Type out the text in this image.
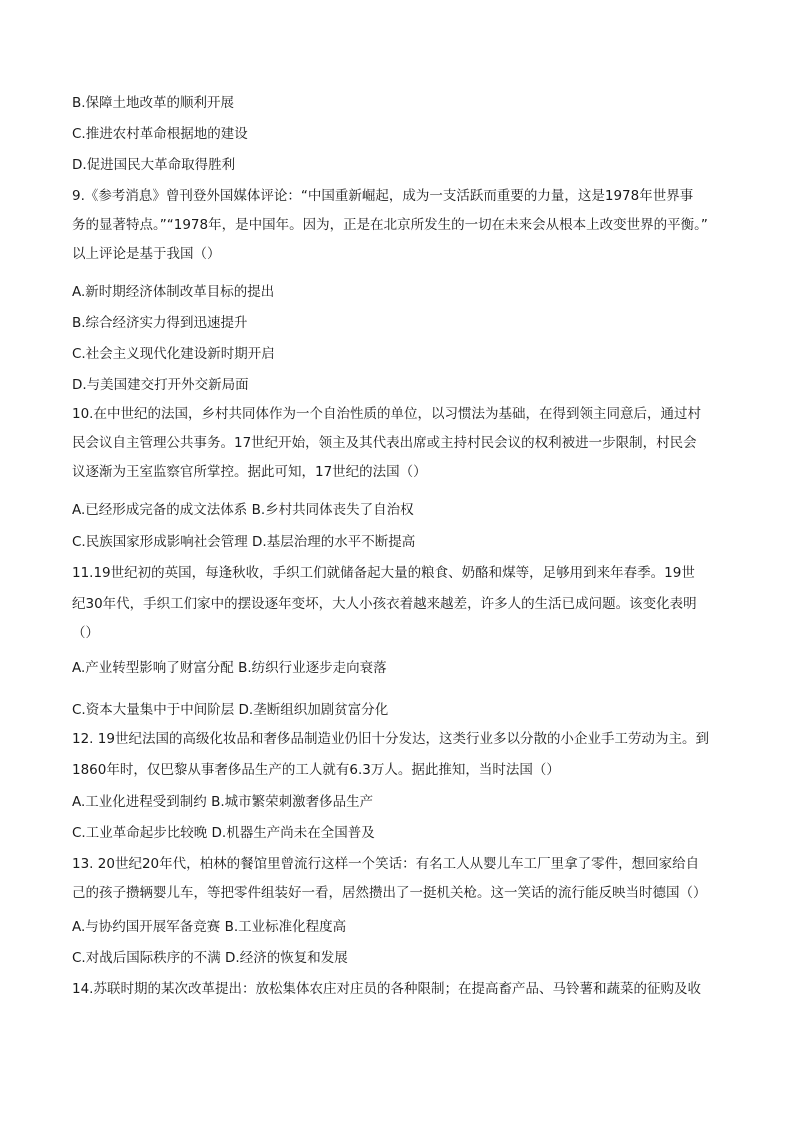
B.保障土地改革的顺利开展
C.推进农村革命根据地的建设
D.促进国民大革命取得胜利
9.《参考消息》曾刊登外国媒体评论：“中国重新崛起，成为一支活跃而重要的力量，这是1978年世界事
务的显著特点。”“1978年，是中国年。因为，正是在北京所发生的一切在未来会从根本上改变世界的平衡。”
以上评论是基于我国（）
A.新时期经济体制改革目标的提出
B.综合经济实力得到迅速提升
C.社会主义现代化建设新时期开启
D.与美国建交打开外交新局面
10.在中世纪的法国，乡村共同体作为一个自治性质的单位，以习惯法为基础，在得到领主同意后，通过村
民会议自主管理公共事务。17世纪开始，领主及其代表出席或主持村民会议的权利被进一步限制，村民会
议逐渐为王室监察官所掌控。据此可知，17世纪的法国（）
A.已经形成完备的成文法体系 B.乡村共同体丧失了自治权
C.民族国家形成影响社会管理 D.基层治理的水平不断提高
11.19世纪初的英国，每逢秋收，手织工们就储备起大量的粮食、奶酪和煤等，足够用到来年春季。19世
纪30年代，手织工们家中的摆设逐年变坏，大人小孩衣着越来越差，许多人的生活已成问题。该变化表明
（）
A.产业转型影响了财富分配 B.纺织行业逐步走向衰落
C.资本大量集中于中间阶层 D.垄断组织加剧贫富分化
12. 19世纪法国的高级化妆品和奢侈品制造业仍旧十分发达，这类行业多以分散的小企业手工劳动为主。到
1860年时，仅巴黎从事奢侈品生产的工人就有6.3万人。据此推知，当时法国（）
A.工业化进程受到制约 B.城市繁荣刺激奢侈品生产
C.工业革命起步比较晚 D.机器生产尚未在全国普及
13. 20世纪20年代，柏林的餐馆里曾流行这样一个笑话：有名工人从婴儿车工厂里拿了零件，想回家给自
己的孩子攒辆婴儿车，等把零件组装好一看，居然攒出了一挺机关枪。这一笑话的流行能反映当时德国（）
A.与协约国开展军备竞赛 B.工业标准化程度高
C.对战后国际秩序的不满 D.经济的恢复和发展
14.苏联时期的某次改革提出：放松集体农庄对庄员的各种限制；在提高畜产品、马铃薯和蔬菜的征购及收
